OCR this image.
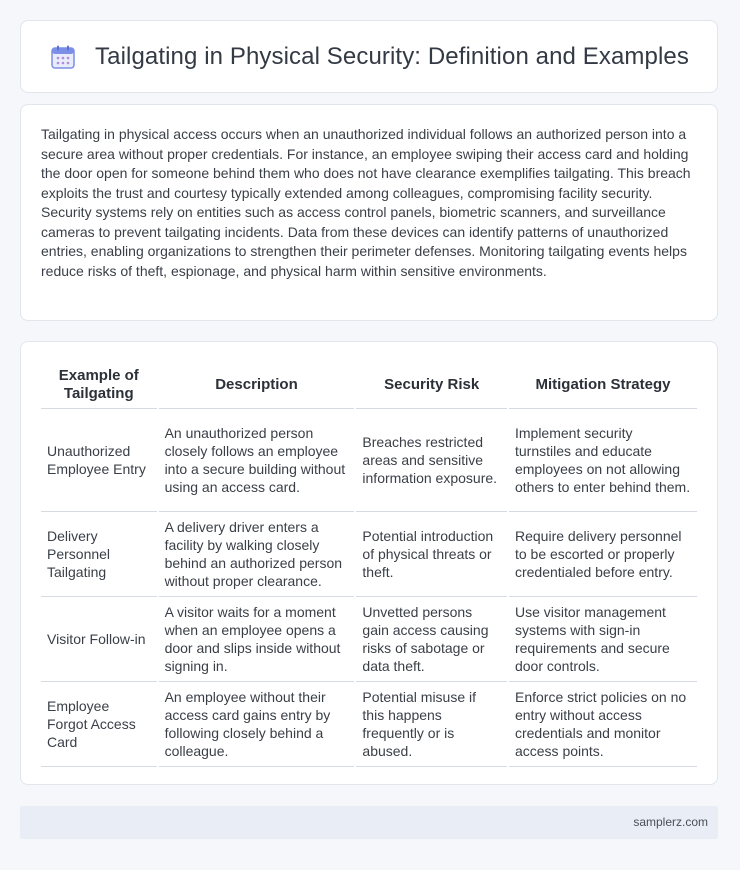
Tailgating in Physical Security: Definition and Examples

Tailgating in physical access occurs when an unauthorized individual follows an authorized person into a secure area without proper credentials. For instance, an employee swiping their access card and holding the door open for someone behind them who does not have clearance exemplifies tailgating. This breach exploits the trust and courtesy typically extended among colleagues, compromising facility security. Security systems rely on entities such as access control panels, biometric scanners, and surveillance cameras to prevent tailgating incidents. Data from these devices can identify patterns of unauthorized entries, enabling organizations to strengthen their perimeter defenses. Monitoring tailgating events helps reduce risks of theft, espionage, and physical harm within sensitive environments.

Example of Tailgating	Description	Security Risk	Mitigation Strategy
Unauthorized Employee Entry	An unauthorized person closely follows an employee into a secure building without using an access card.	Breaches restricted areas and sensitive information exposure.	Implement security turnstiles and educate employees on not allowing others to enter behind them.
Delivery Personnel Tailgating	A delivery driver enters a facility by walking closely behind an authorized person without proper clearance.	Potential introduction of physical threats or theft.	Require delivery personnel to be escorted or properly credentialed before entry.
Visitor Follow-in	A visitor waits for a moment when an employee opens a door and slips inside without signing in.	Unvetted persons gain access causing risks of sabotage or data theft.	Use visitor management systems with sign-in requirements and secure door controls.
Employee Forgot Access Card	An employee without their access card gains entry by following closely behind a colleague.	Potential misuse if this happens frequently or is abused.	Enforce strict policies on no entry without access credentials and monitor access points.
samplerz.com
